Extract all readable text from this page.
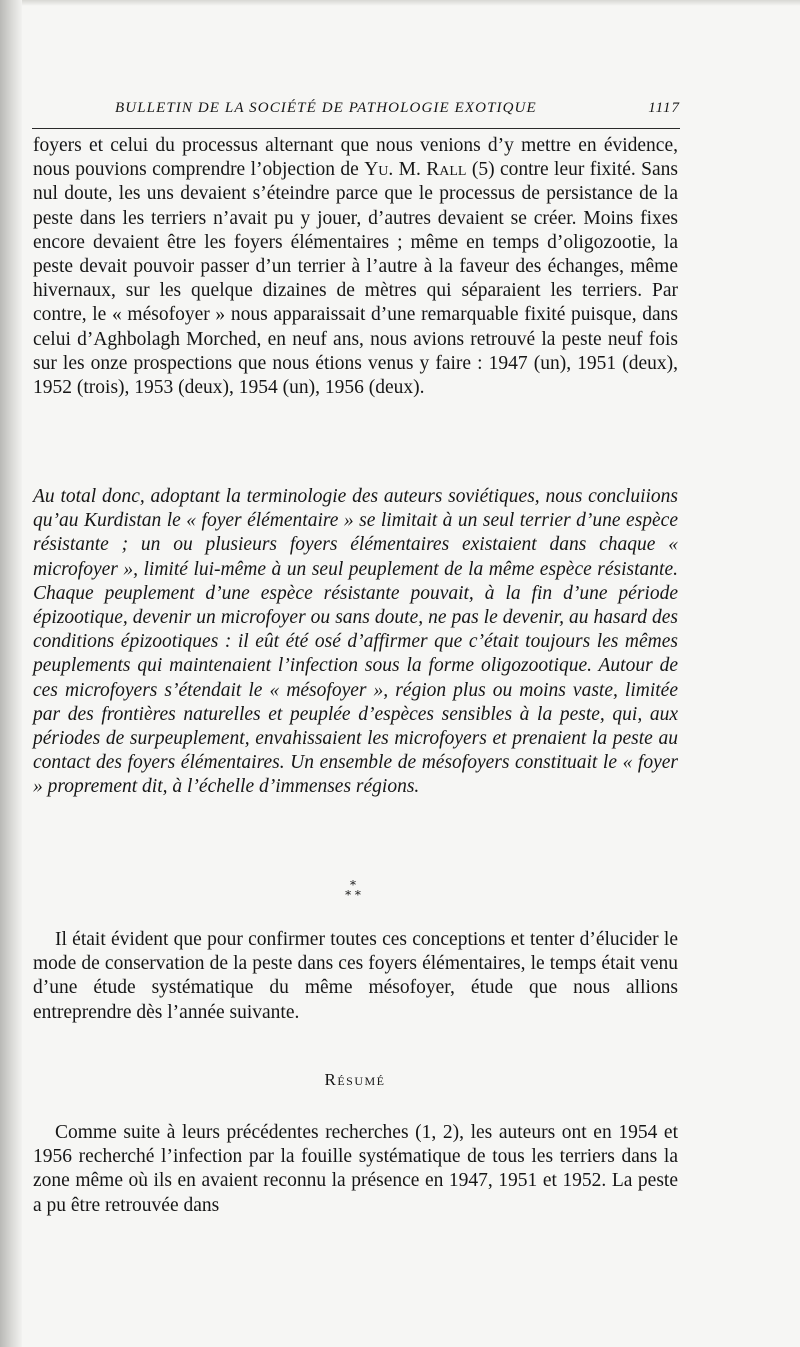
BULLETIN DE LA SOCIÉTÉ DE PATHOLOGIE EXOTIQUE	1117

foyers et celui du processus alternant que nous venions d’y mettre en évidence, nous pouvions comprendre l’objection de Yu. M. Rall (5) contre leur fixité. Sans nul doute, les uns devaient s’éteindre parce que le processus de persistance de la peste dans les terriers n’avait pu y jouer, d’autres devaient se créer. Moins fixes encore devaient être les foyers élémentaires ; même en temps d’oligozootie, la peste devait pouvoir passer d’un terrier à l’autre à la faveur des échanges, même hivernaux, sur les quelque dizaines de mètres qui séparaient les terriers. Par contre, le « mésofoyer » nous apparaissait d’une remarquable fixité puisque, dans celui d’Aghbolagh Morched, en neuf ans, nous avions retrouvé la peste neuf fois sur les onze prospections que nous étions venus y faire : 1947 (un), 1951 (deux), 1952 (trois), 1953 (deux), 1954 (un), 1956 (deux).

Au total donc, adoptant la terminologie des auteurs soviétiques, nous concluiions qu’au Kurdistan le « foyer élémentaire » se limitait à un seul terrier d’une espèce résistante ; un ou plusieurs foyers élémentaires existaient dans chaque « microfoyer », limité lui-même à un seul peuplement de la même espèce résistante. Chaque peuplement d’une espèce résistante pouvait, à la fin d’une période épizootique, devenir un microfoyer ou sans doute, ne pas le devenir, au hasard des conditions épizootiques : il eût été osé d’affirmer que c’était toujours les mêmes peuplements qui maintenaient l’infection sous la forme oligozootique. Autour de ces microfoyers s’étendait le « mésofoyer », région plus ou moins vaste, limitée par des frontières naturelles et peuplée d’espèces sensibles à la peste, qui, aux périodes de surpeuplement, envahissaient les microfoyers et prenaient la peste au contact des foyers élémentaires. Un ensemble de mésofoyers constituait le « foyer » proprement dit, à l’échelle d’immenses régions.

*
* *

Il était évident que pour confirmer toutes ces conceptions et tenter d’élucider le mode de conservation de la peste dans ces foyers élémentaires, le temps était venu d’une étude systématique du même mésofoyer, étude que nous allions entreprendre dès l’année suivante.

Résumé

Comme suite à leurs précédentes recherches (1, 2), les auteurs ont en 1954 et 1956 recherché l’infection par la fouille systématique de tous les terriers dans la zone même où ils en avaient reconnu la présence en 1947, 1951 et 1952. La peste a pu être retrouvée dans
